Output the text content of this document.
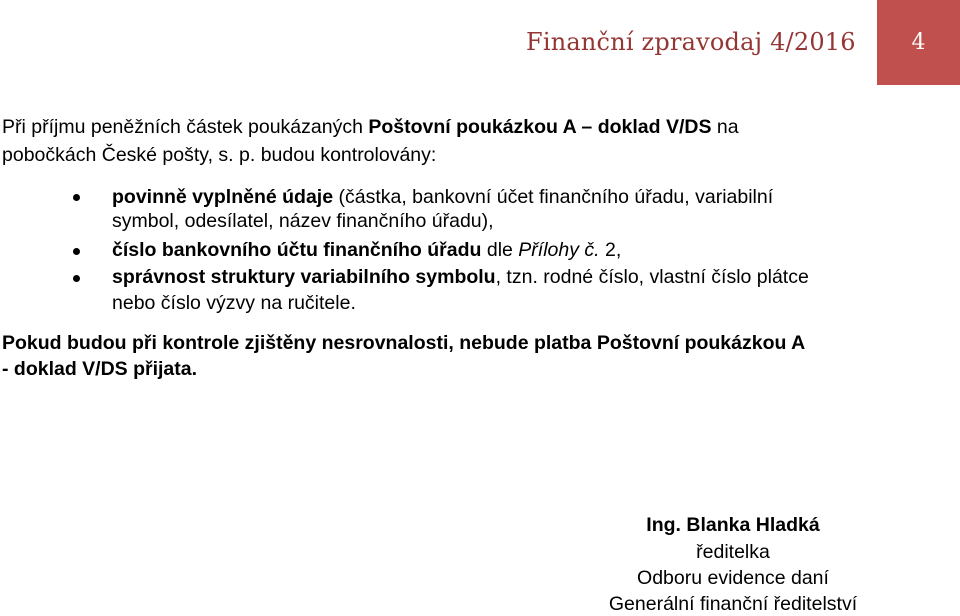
Finanční zpravodaj 4/2016	4
Při příjmu peněžních částek poukázaných Poštovní poukázkou A – doklad V/DS na
pobočkách České pošty, s. p. budou kontrolovány:
povinně vyplněné údaje (částka, bankovní účet finančního úřadu, variabilní
symbol, odesílatel, název finančního úřadu),
číslo bankovního účtu finančního úřadu dle Přílohy č. 2,
správnost struktury variabilního symbolu, tzn. rodné číslo, vlastní číslo plátce
nebo číslo výzvy na ručitele.
Pokud budou při kontrole zjištěny nesrovnalosti, nebude platba Poštovní poukázkou A
- doklad V/DS přijata.
Ing. Blanka Hladká
ředitelka
Odboru evidence daní
Generální finanční ředitelství
